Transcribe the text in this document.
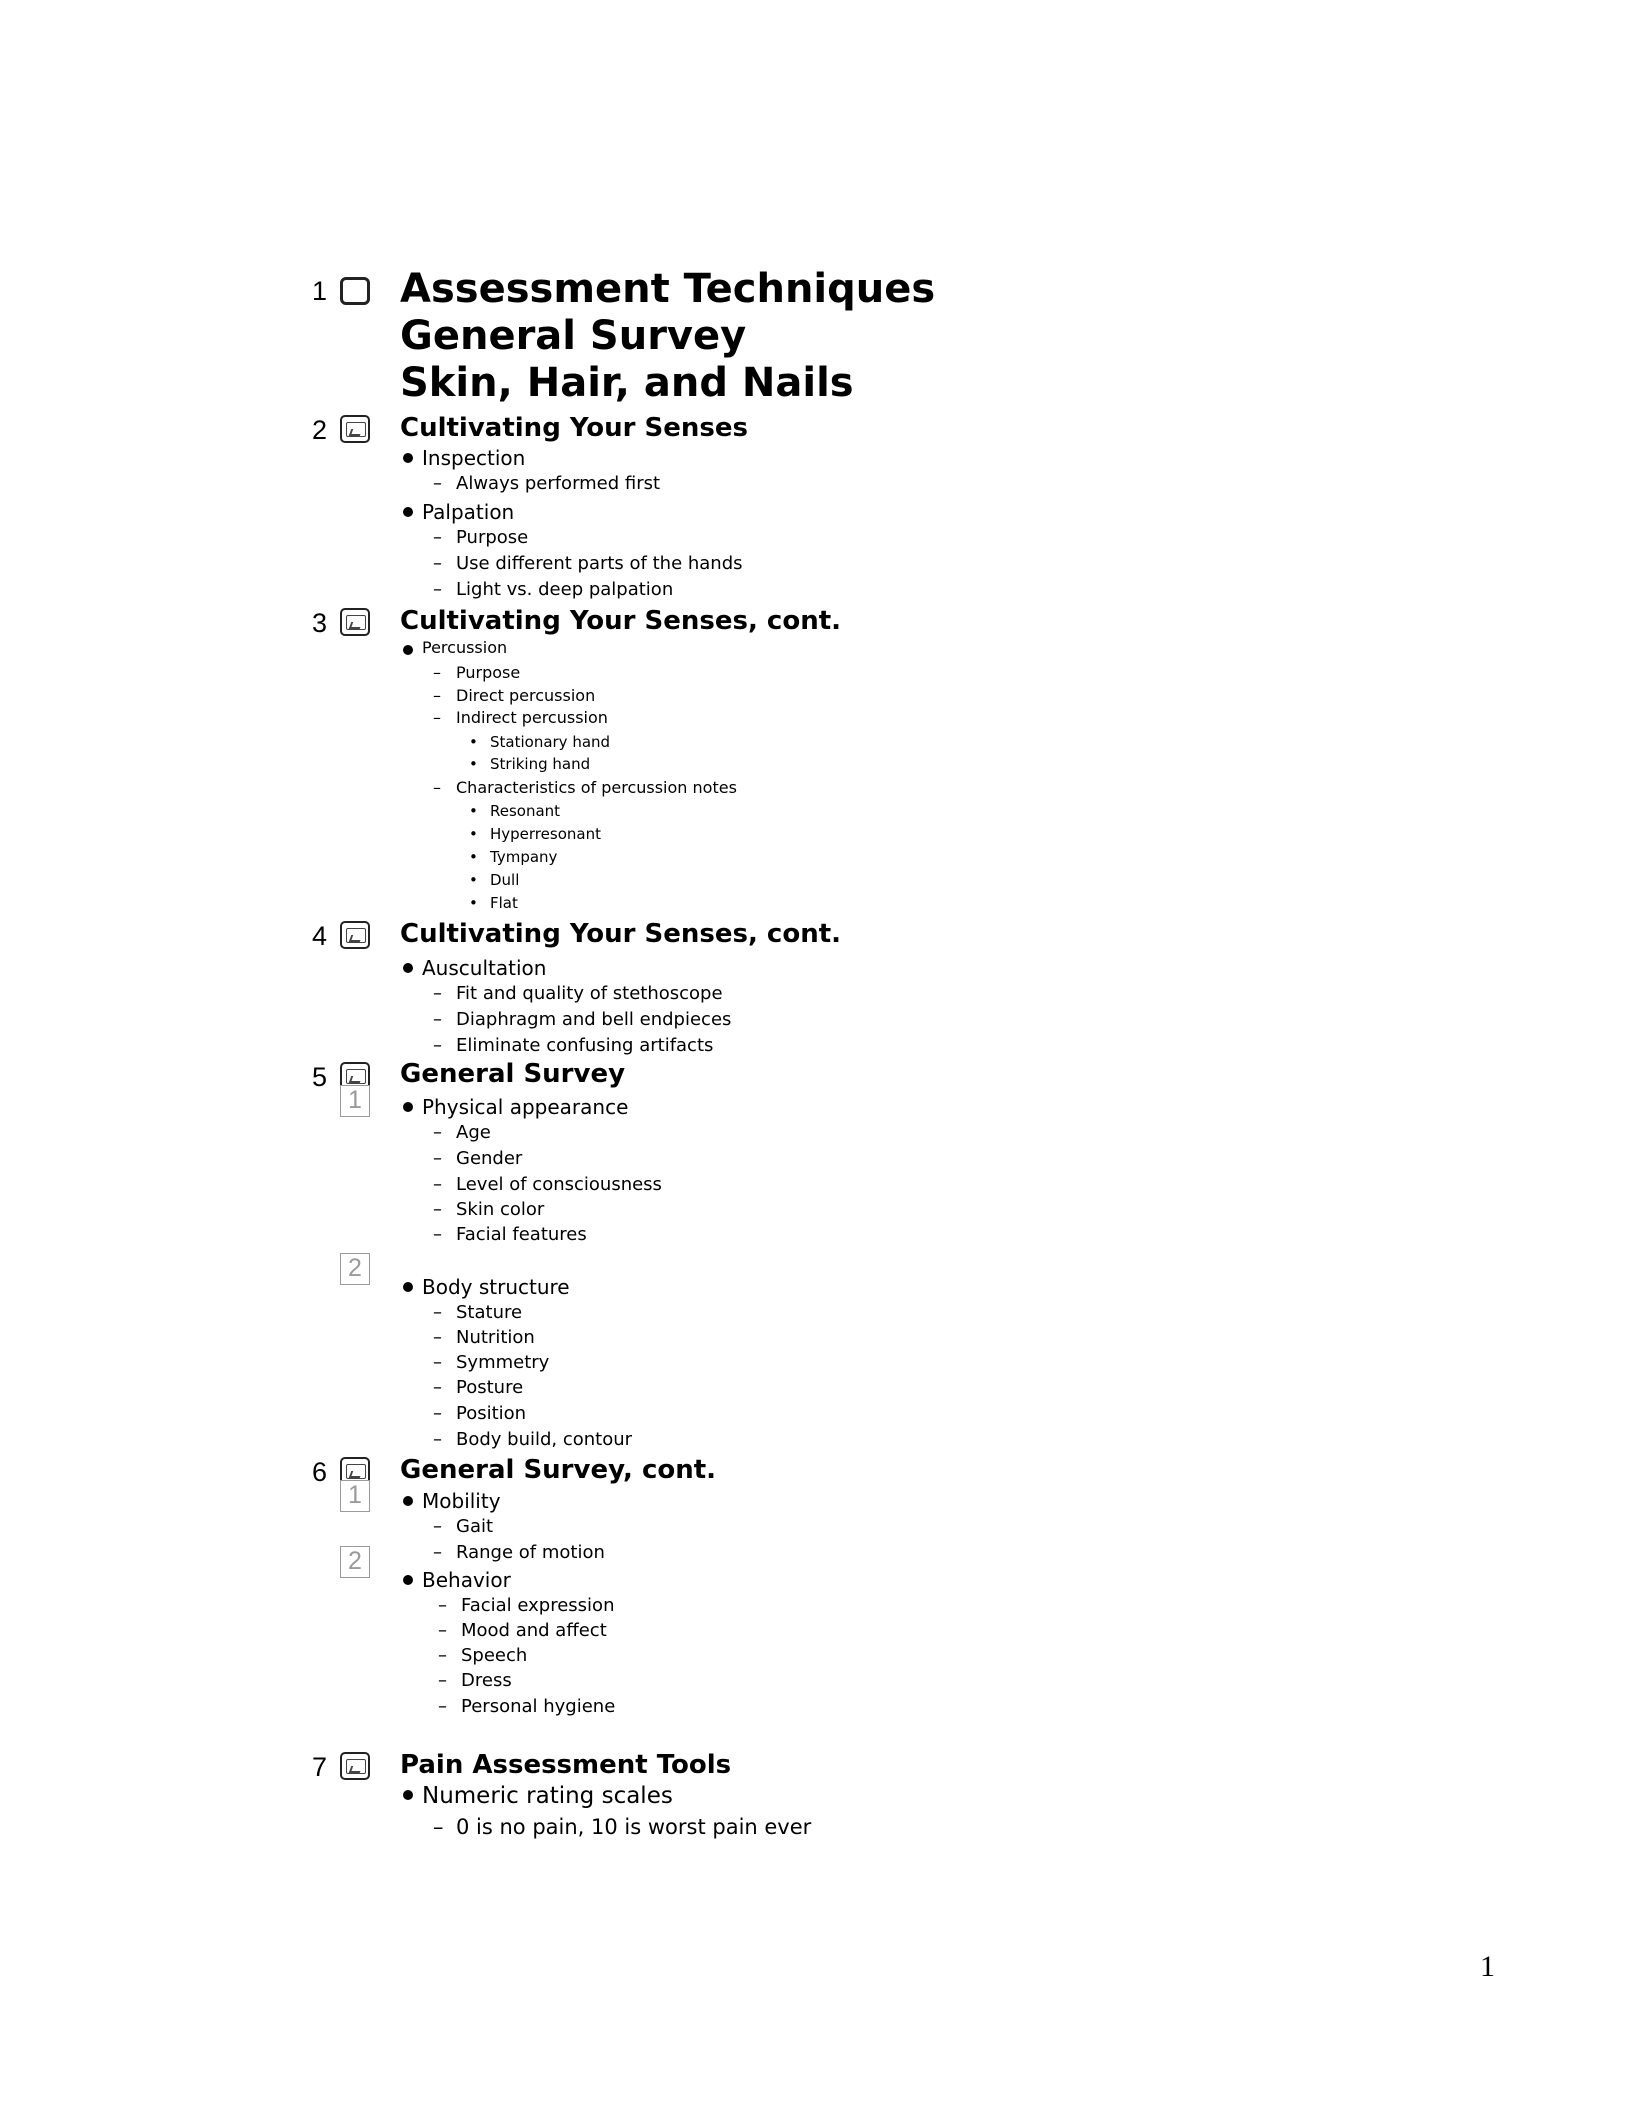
1 Assessment Techniques
General Survey
Skin, Hair, and Nails
2	Cultivating Your Senses
Inspection
– Always performed first
Palpation
– Purpose
– Use different parts of the hands
– Light vs. deep palpation
3	Cultivating Your Senses, cont.
Percussion
– Purpose
– Direct percussion
– Indirect percussion
• Stationary hand
• Striking hand
– Characteristics of percussion notes
• Resonant
• Hyperresonant
• Tympany
• Dull
• Flat
4	Cultivating Your Senses, cont.
Auscultation
– Fit and quality of stethoscope
– Diaphragm and bell endpieces
– Eliminate confusing artifacts
5
1
General Survey
Physical appearance
– Age
– Gender
– Level of consciousness
– Skin color
– Facial features
2
Body structure
– Stature
– Nutrition
– Symmetry
– Posture
– Position
– Body build, contour
6
1
General Survey, cont.
Mobility
– Gait
– Range of motion
2
Behavior
– Facial expression
– Mood and affect
– Speech
– Dress
– Personal hygiene
7	Pain Assessment Tools
Numeric rating scales
– 0 is no pain, 10 is worst pain ever
1
